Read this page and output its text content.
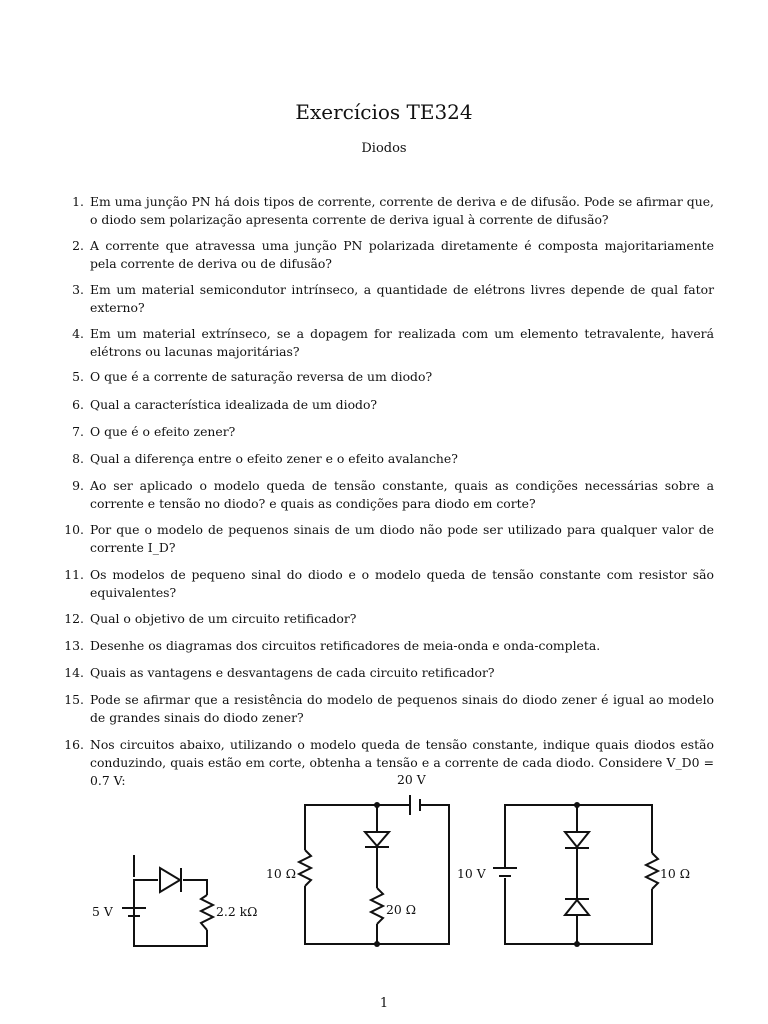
Exercícios TE324
Diodos
1. Em uma junção PN há dois tipos de corrente, corrente de deriva e de difusão. Pode se afirmar que, o diodo sem polarização apresenta corrente de deriva igual à corrente de difusão?
2. A corrente que atravessa uma junção PN polarizada diretamente é composta majoritariamente pela corrente de deriva ou de difusão?
3. Em um material semicondutor intrínseco, a quantidade de elétrons livres depende de qual fator externo?
4. Em um material extrínseco, se a dopagem for realizada com um elemento tetravalente, haverá elétrons ou lacunas majoritárias?
5. O que é a corrente de saturação reversa de um diodo?
6. Qual a característica idealizada de um diodo?
7. O que é o efeito zener?
8. Qual a diferença entre o efeito zener e o efeito avalanche?
9. Ao ser aplicado o modelo queda de tensão constante, quais as condições necessárias sobre a corrente e tensão no diodo? e quais as condições para diodo em corte?
10. Por que o modelo de pequenos sinais de um diodo não pode ser utilizado para qualquer valor de corrente I_D?
11. Os modelos de pequeno sinal do diodo e o modelo queda de tensão constante com resistor são equivalentes?
12. Qual o objetivo de um circuito retificador?
13. Desenhe os diagramas dos circuitos retificadores de meia-onda e onda-completa.
14. Quais as vantagens e desvantagens de cada circuito retificador?
15. Pode se afirmar que a resistência do modelo de pequenos sinais do diodo zener é igual ao modelo de grandes sinais do diodo zener?
16. Nos circuitos abaixo, utilizando o modelo queda de tensão constante, indique quais diodos estão conduzindo, quais estão em corte, obtenha a tensão e a corrente de cada diodo. Considere V_D0 = 0.7 V:
5 V	2.2 kΩ
20 V
10 Ω
20 Ω
10 V	10 Ω
1
